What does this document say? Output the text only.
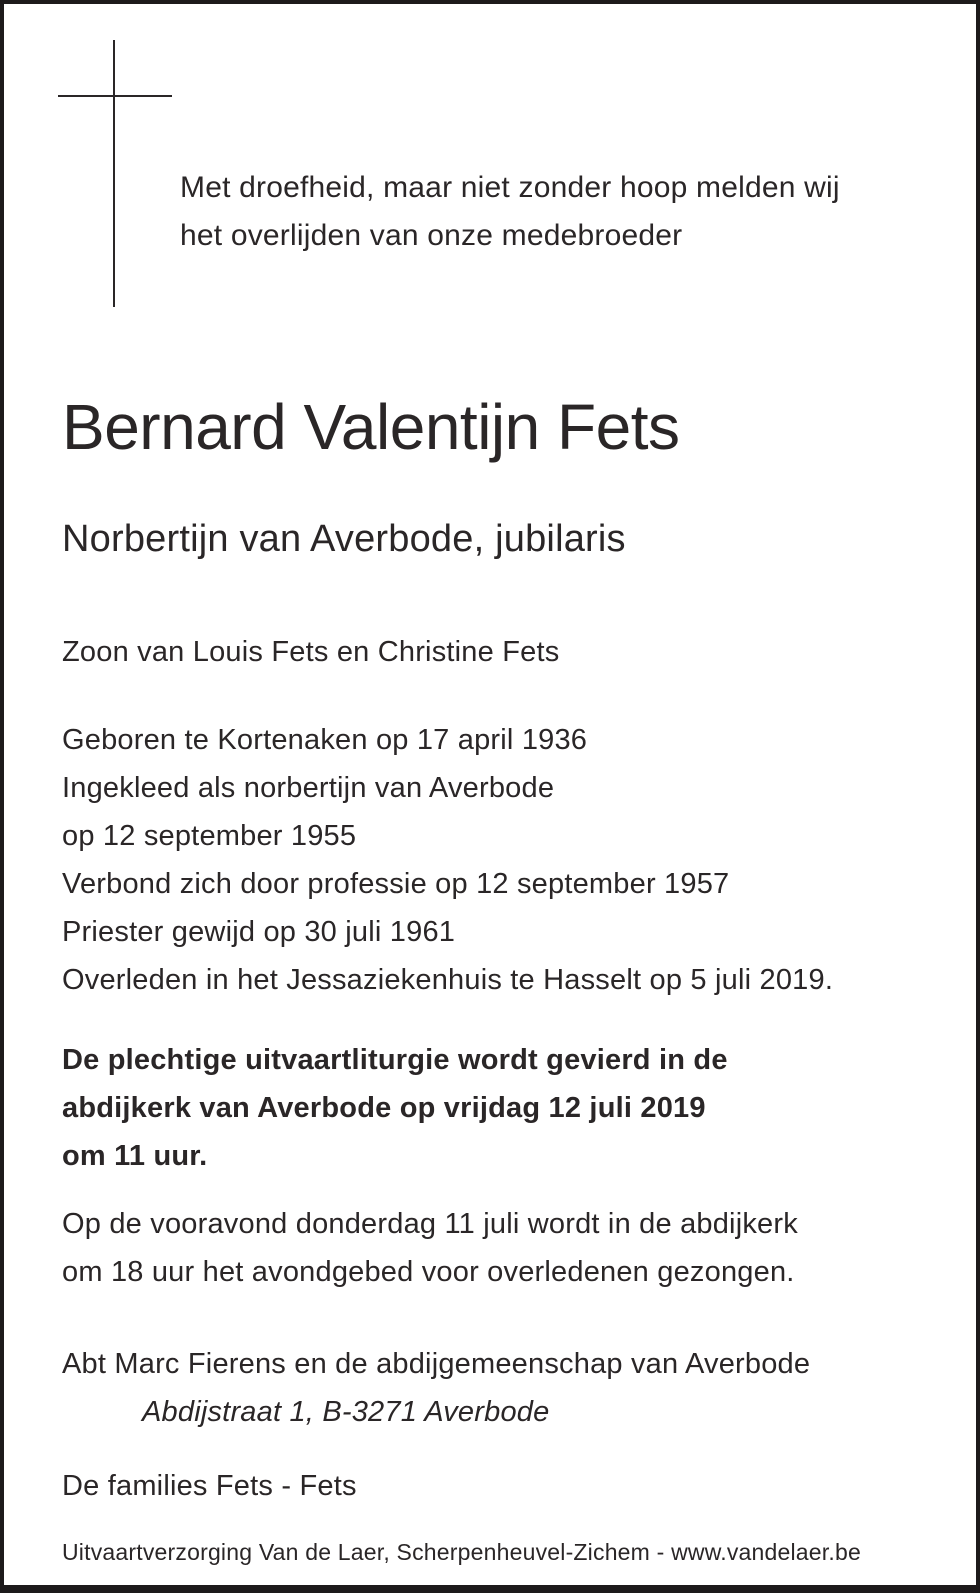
Met droefheid, maar niet zonder hoop melden wij
het overlijden van onze medebroeder
Bernard Valentijn Fets
Norbertijn van Averbode, jubilaris
Zoon van Louis Fets en Christine Fets
Geboren te Kortenaken op 17 april 1936
Ingekleed als norbertijn van Averbode
op 12 september 1955
Verbond zich door professie op 12 september 1957
Priester gewijd op 30 juli 1961
Overleden in het Jessaziekenhuis te Hasselt op 5 juli 2019.
De plechtige uitvaartliturgie wordt gevierd in de
abdijkerk van Averbode op vrijdag 12 juli 2019
om 11 uur.
Op de vooravond donderdag 11 juli wordt in de abdijkerk
om 18 uur het avondgebed voor overledenen gezongen.
Abt Marc Fierens en de abdijgemeenschap van Averbode
Abdijstraat 1, B-3271 Averbode
De families Fets - Fets
Uitvaartverzorging Van de Laer, Scherpenheuvel-Zichem - www.vandelaer.be
